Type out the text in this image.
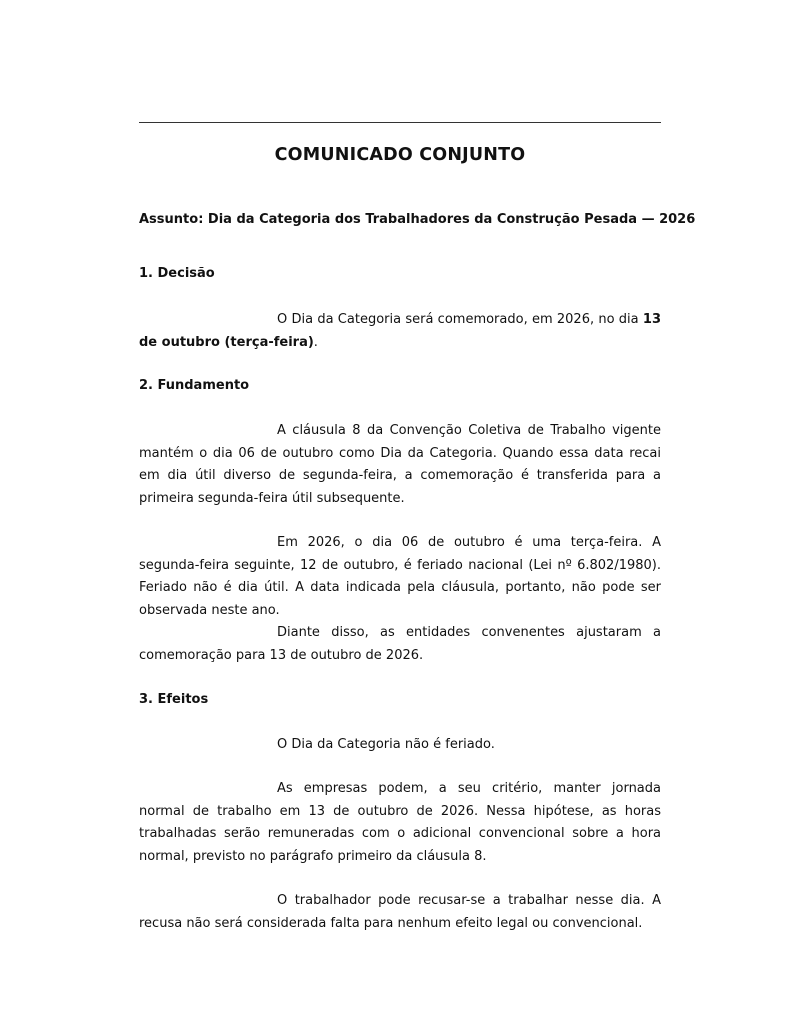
COMUNICADO CONJUNTO
Assunto: Dia da Categoria dos Trabalhadores da Construção Pesada — 2026
1. Decisão
O Dia da Categoria será comemorado, em 2026, no dia 13 de outubro (terça-feira).
2. Fundamento
A cláusula 8 da Convenção Coletiva de Trabalho vigente mantém o dia 06 de outubro como Dia da Categoria. Quando essa data recai em dia útil diverso de segunda-feira, a comemoração é transferida para a primeira segunda-feira útil subsequente.
Em 2026, o dia 06 de outubro é uma terça-feira. A segunda-feira seguinte, 12 de outubro, é feriado nacional (Lei nº 6.802/1980). Feriado não é dia útil. A data indicada pela cláusula, portanto, não pode ser observada neste ano.
Diante disso, as entidades convenentes ajustaram a comemoração para 13 de outubro de 2026.
3. Efeitos
O Dia da Categoria não é feriado.
As empresas podem, a seu critério, manter jornada normal de trabalho em 13 de outubro de 2026. Nessa hipótese, as horas trabalhadas serão remuneradas com o adicional convencional sobre a hora normal, previsto no parágrafo primeiro da cláusula 8.
O trabalhador pode recusar-se a trabalhar nesse dia. A recusa não será considerada falta para nenhum efeito legal ou convencional.
